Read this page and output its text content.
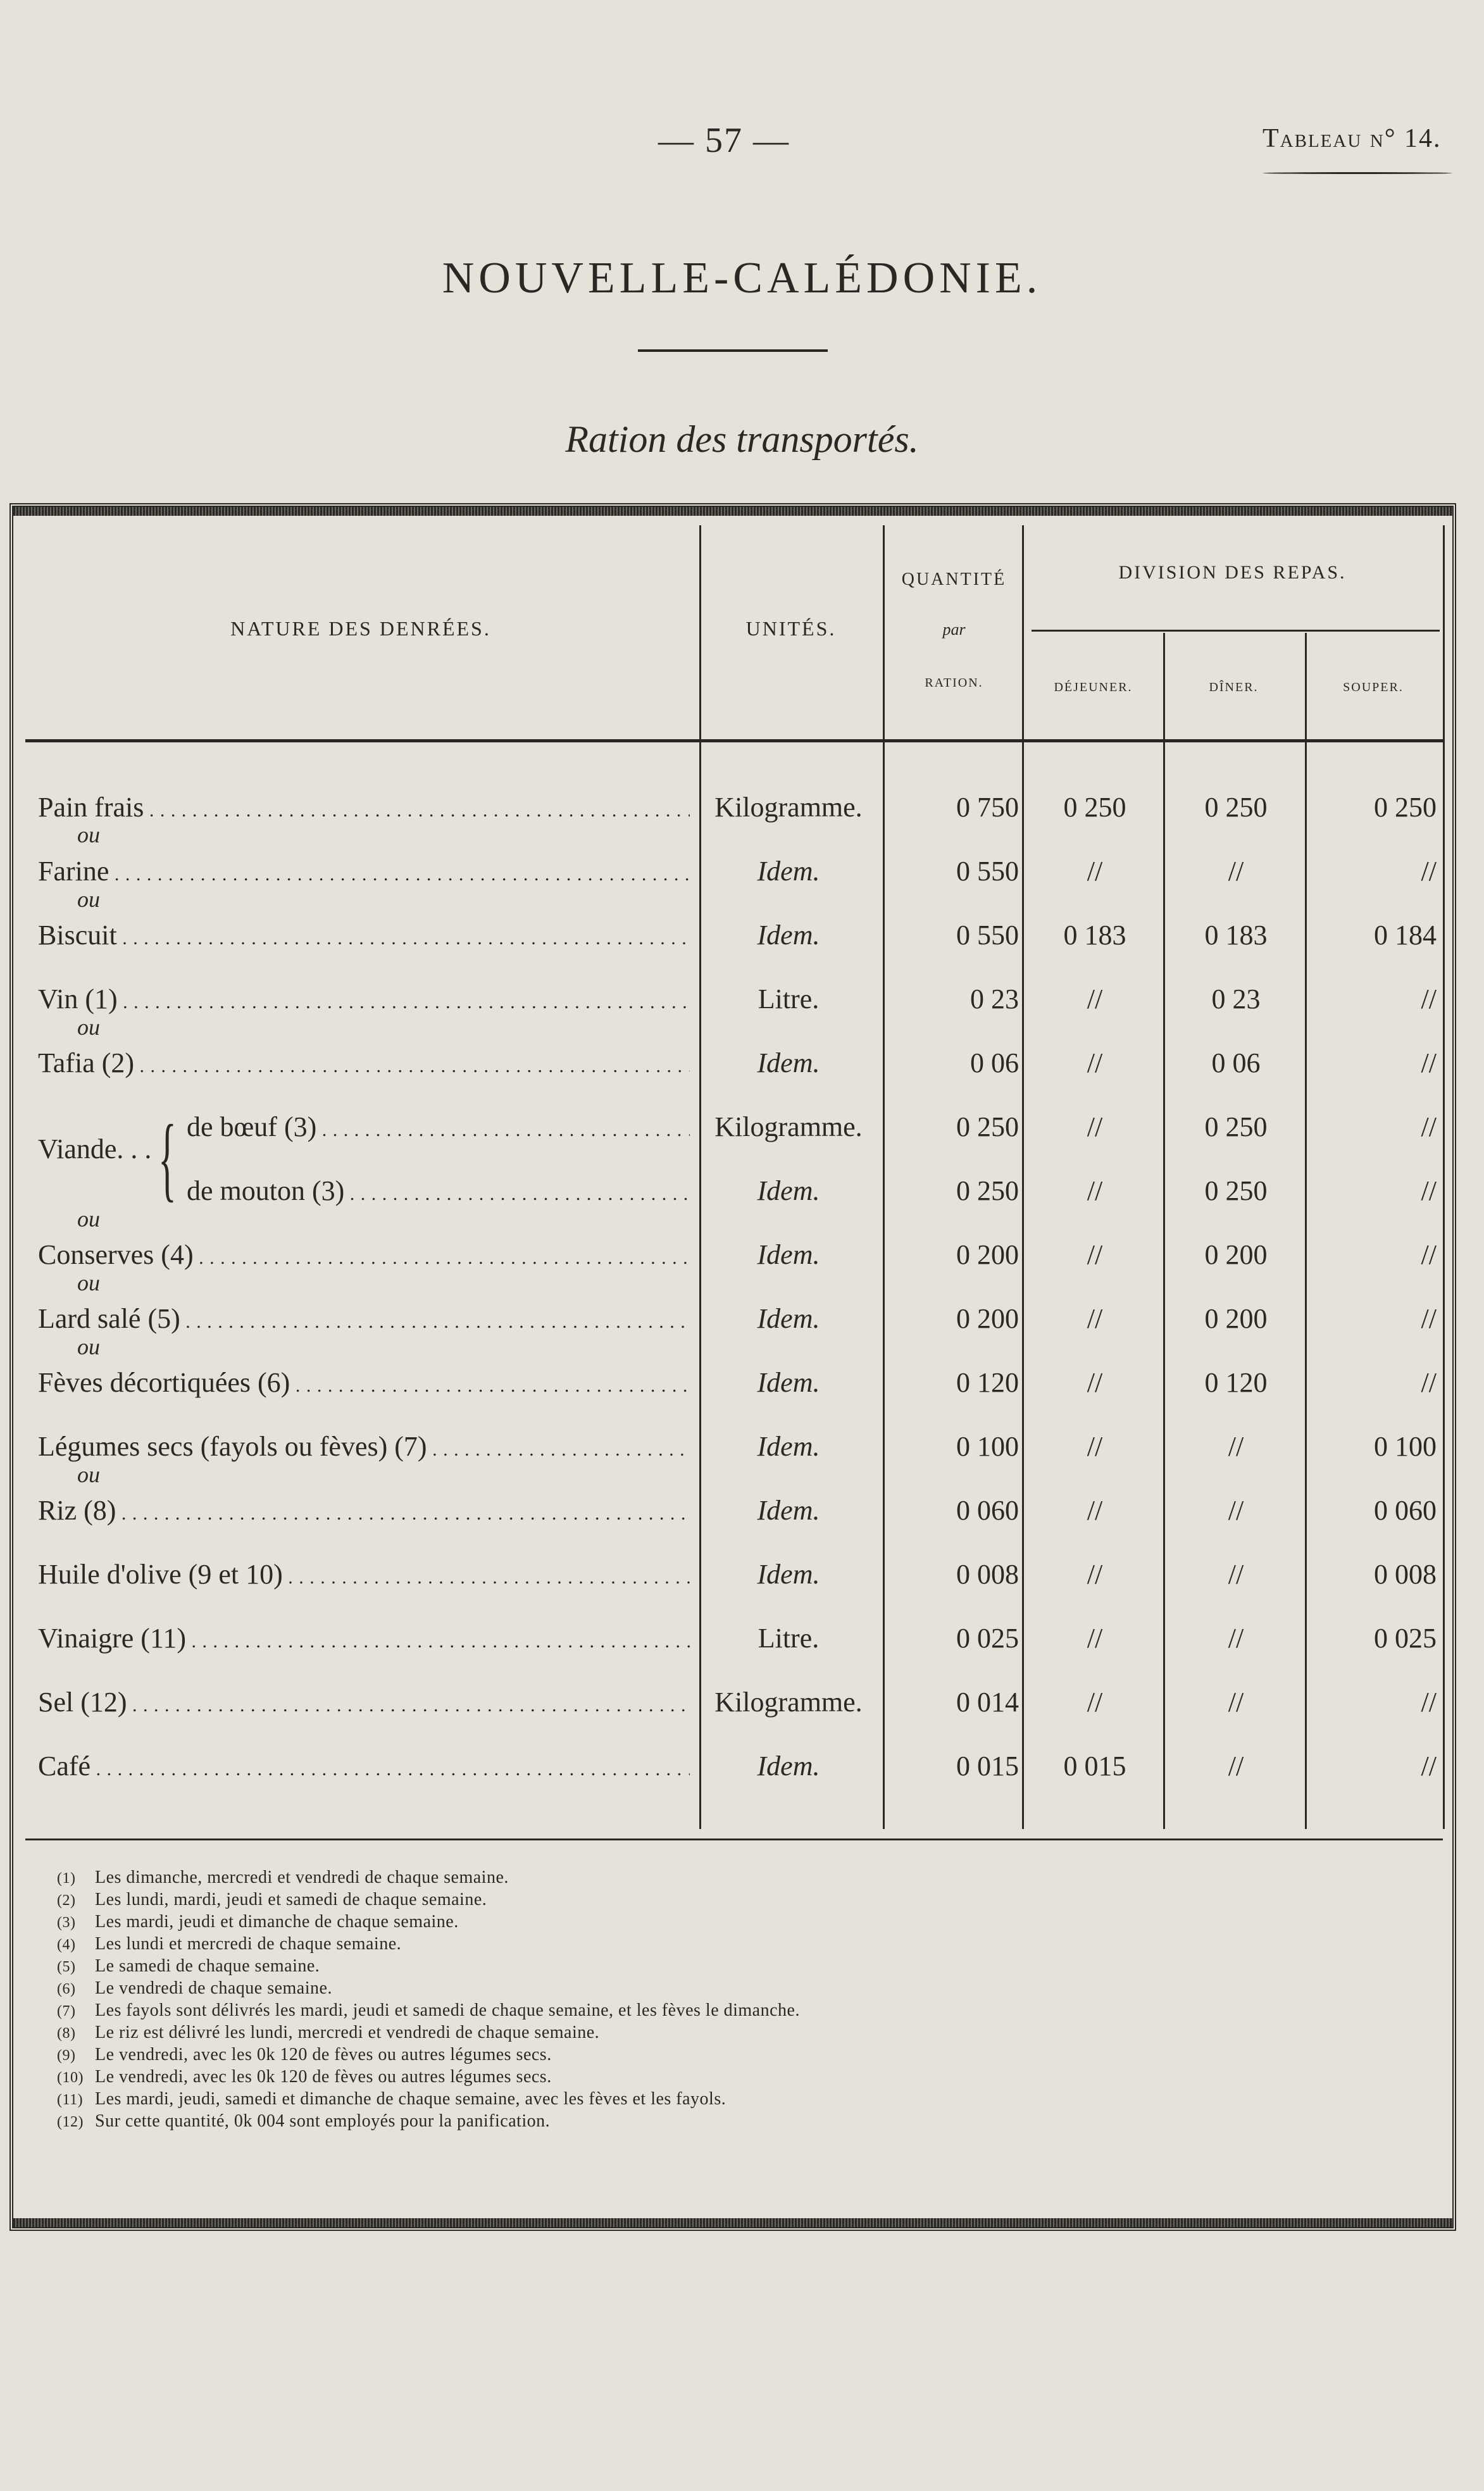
— 57 —	Tableau n° 14.
NOUVELLE-CALÉDONIE.
Ration des transportés.
NATURE DES DENRÉES.	UNITÉS.
QUANTITÉ
par
RATION.
DIVISION DES REPAS.
DÉJEUNER.	DÎNER.	SOUPER.
Pain frais . . .	Kilogramme.	0 750	0 250	0 250	0 250
ou
Farine . . .	Idem.	0 550	//	//	//
ou
Biscuit . . .	Idem.	0 550	0 183	0 183	0 184
Vin (1) . . .	Litre.	0 23	//	0 23	//
ou
Tafia (2) . . .	Idem.	0 06	//	0 06	//
Viande. . . { de bœuf (3) . . .	Kilogramme.	0 250	//	0 250	//
de mouton (3) . . .	Idem.	0 250	//	0 250	//
ou
Conserves (4) . . .	Idem.	0 200	//	0 200	//
ou
Lard salé (5) . . .	Idem.	0 200	//	0 200	//
ou
Fèves décortiquées (6) . . .	Idem.	0 120	//	0 120	//
Légumes secs (fayols ou fèves) (7) . . .	Idem.	0 100	//	//	0 100
ou
Riz (8) . . .	Idem.	0 060	//	//	0 060
Huile d'olive (9 et 10) . . .	Idem.	0 008	//	//	0 008
Vinaigre (11) . . .	Litre.	0 025	//	//	0 025
Sel (12) . . .	Kilogramme.	0 014	//	//	//
Café . . .	Idem.	0 015	0 015	//	//
(1) Les dimanche, mercredi et vendredi de chaque semaine.
(2) Les lundi, mardi, jeudi et samedi de chaque semaine.
(3) Les mardi, jeudi et dimanche de chaque semaine.
(4) Les lundi et mercredi de chaque semaine.
(5) Le samedi de chaque semaine.
(6) Le vendredi de chaque semaine.
(7) Les fayols sont délivrés les mardi, jeudi et samedi de chaque semaine, et les fèves le dimanche.
(8) Le riz est délivré les lundi, mercredi et vendredi de chaque semaine.
(9) Le vendredi, avec les 0k 120 de fèves ou autres légumes secs.
(10) Le vendredi, avec les 0k 120 de fèves ou autres légumes secs.
(11) Les mardi, jeudi, samedi et dimanche de chaque semaine, avec les fèves et les fayols.
(12) Sur cette quantité, 0k 004 sont employés pour la panification.
